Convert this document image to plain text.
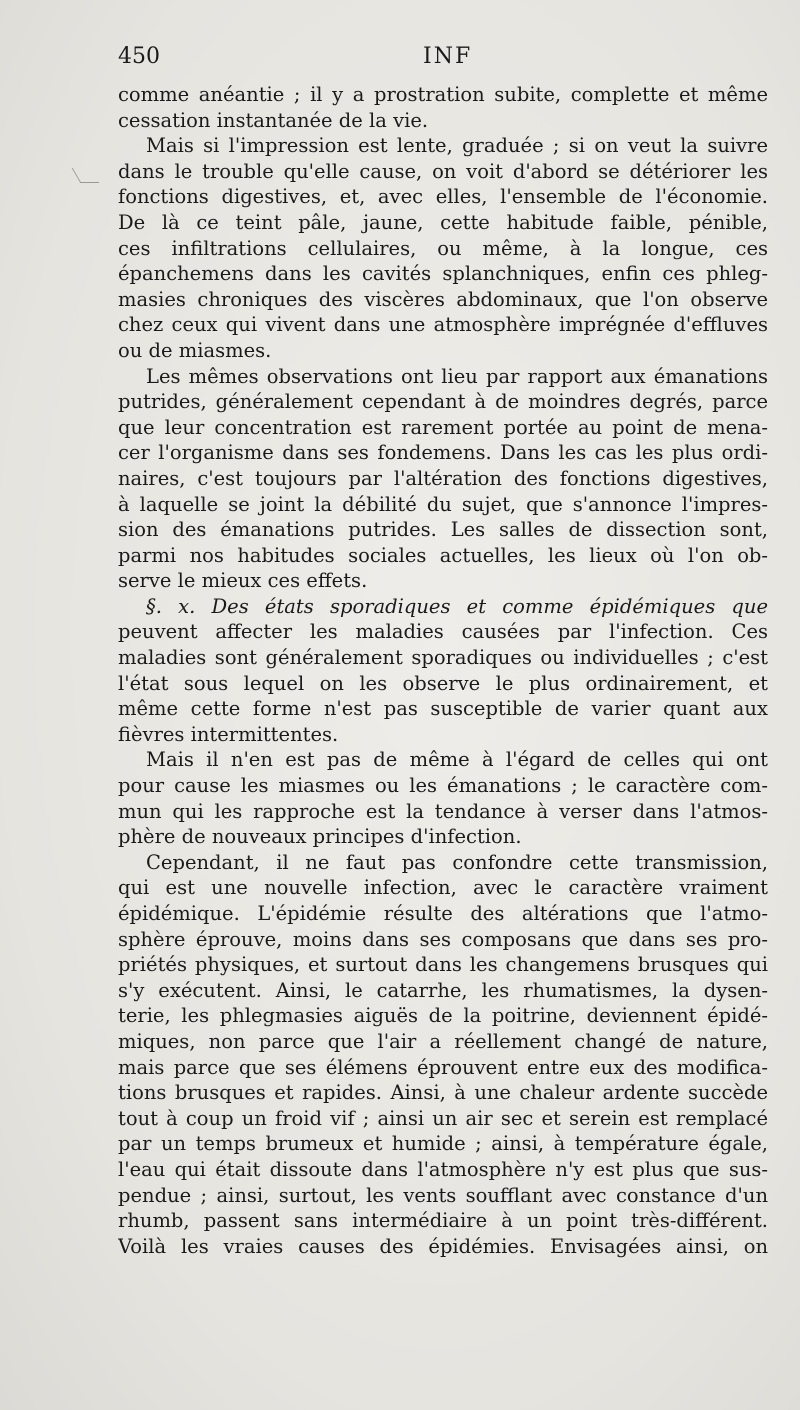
450	INF
comme anéantie ; il y a prostration subite, complette et même
cessation instantanée de la vie.
Mais si l'impression est lente, graduée ; si on veut la suivre
dans le trouble qu'elle cause, on voit d'abord se détériorer les
fonctions digestives, et, avec elles, l'ensemble de l'économie.
De là ce teint pâle, jaune, cette habitude faible, pénible,
ces infiltrations cellulaires, ou même, à la longue, ces
épanchemens dans les cavités splanchniques, enfin ces phleg-
masies chroniques des viscères abdominaux, que l'on observe
chez ceux qui vivent dans une atmosphère imprégnée d'effluves
ou de miasmes.
Les mêmes observations ont lieu par rapport aux émanations
putrides, généralement cependant à de moindres degrés, parce
que leur concentration est rarement portée au point de mena-
cer l'organisme dans ses fondemens. Dans les cas les plus ordi-
naires, c'est toujours par l'altération des fonctions digestives,
à laquelle se joint la débilité du sujet, que s'annonce l'impres-
sion des émanations putrides. Les salles de dissection sont,
parmi nos habitudes sociales actuelles, les lieux où l'on ob-
serve le mieux ces effets.
§. x. Des états sporadiques et comme épidémiques que
peuvent affecter les maladies causées par l'infection. Ces
maladies sont généralement sporadiques ou individuelles ; c'est
l'état sous lequel on les observe le plus ordinairement, et
même cette forme n'est pas susceptible de varier quant aux
fièvres intermittentes.
Mais il n'en est pas de même à l'égard de celles qui ont
pour cause les miasmes ou les émanations ; le caractère com-
mun qui les rapproche est la tendance à verser dans l'atmos-
phère de nouveaux principes d'infection.
Cependant, il ne faut pas confondre cette transmission,
qui est une nouvelle infection, avec le caractère vraiment
épidémique. L'épidémie résulte des altérations que l'atmo-
sphère éprouve, moins dans ses composans que dans ses pro-
priétés physiques, et surtout dans les changemens brusques qui
s'y exécutent. Ainsi, le catarrhe, les rhumatismes, la dysen-
terie, les phlegmasies aiguës de la poitrine, deviennent épidé-
miques, non parce que l'air a réellement changé de nature,
mais parce que ses élémens éprouvent entre eux des modifica-
tions brusques et rapides. Ainsi, à une chaleur ardente succède
tout à coup un froid vif ; ainsi un air sec et serein est remplacé
par un temps brumeux et humide ; ainsi, à température égale,
l'eau qui était dissoute dans l'atmosphère n'y est plus que sus-
pendue ; ainsi, surtout, les vents soufflant avec constance d'un
rhumb, passent sans intermédiaire à un point très-différent.
Voilà les vraies causes des épidémies. Envisagées ainsi, on
